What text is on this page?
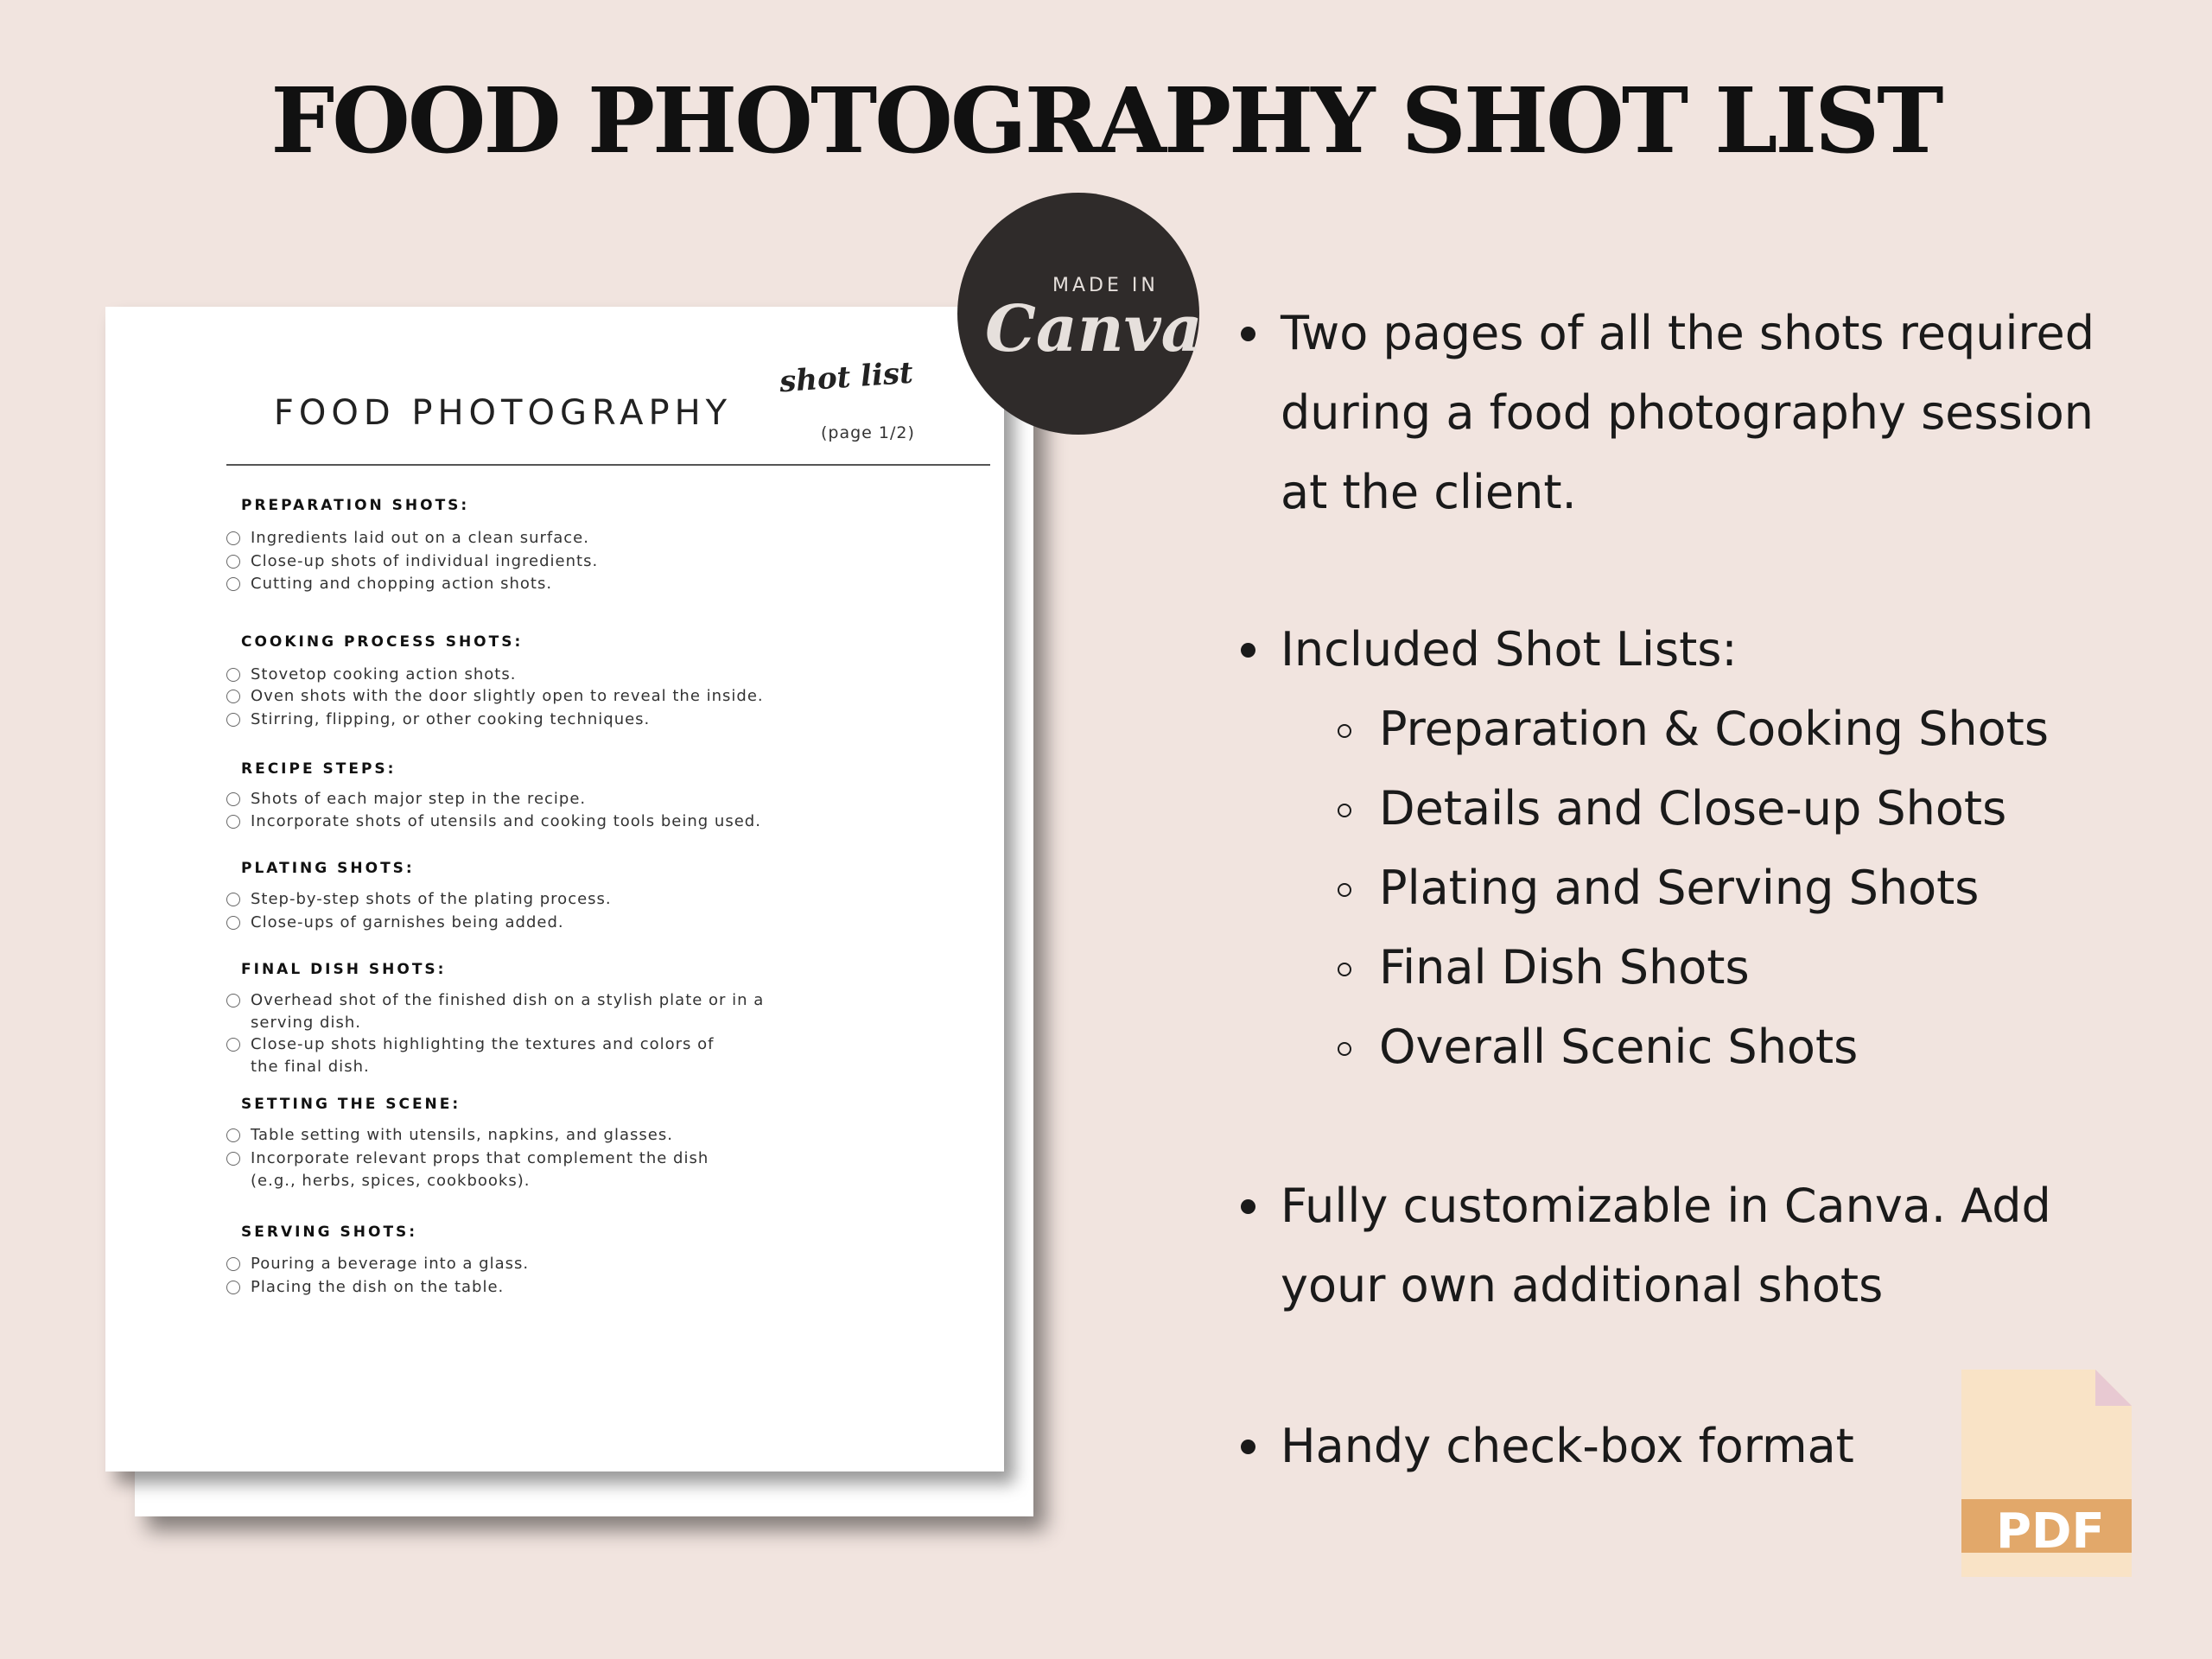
FOOD PHOTOGRAPHY SHOT LIST
FOOD PHOTOGRAPHY
shot list
(page 1/2)
PREPARATION SHOTS:
Ingredients laid out on a clean surface.
Close-up shots of individual ingredients.
Cutting and chopping action shots.
COOKING PROCESS SHOTS:
Stovetop cooking action shots.
Oven shots with the door slightly open to reveal the inside.
Stirring, flipping, or other cooking techniques.
RECIPE STEPS:
Shots of each major step in the recipe.
Incorporate shots of utensils and cooking tools being used.
PLATING SHOTS:
Step-by-step shots of the plating process.
Close-ups of garnishes being added.
FINAL DISH SHOTS:
Overhead shot of the finished dish on a stylish plate or in a
serving dish.
Close-up shots highlighting the textures and colors of
the final dish.
SETTING THE SCENE:
Table setting with utensils, napkins, and glasses.
Incorporate relevant props that complement the dish
(e.g., herbs, spices, cookbooks).
SERVING SHOTS:
Pouring a beverage into a glass.
Placing the dish on the table.
MADE IN
Canva Two pages of all the shots required
during a food photography session
at the client.
Included Shot Lists:
Preparation & Cooking Shots
Details and Close-up Shots
Plating and Serving Shots
Final Dish Shots
Overall Scenic Shots
Fully customizable in Canva. Add
your own additional shots
Handy check-box format
PDF
